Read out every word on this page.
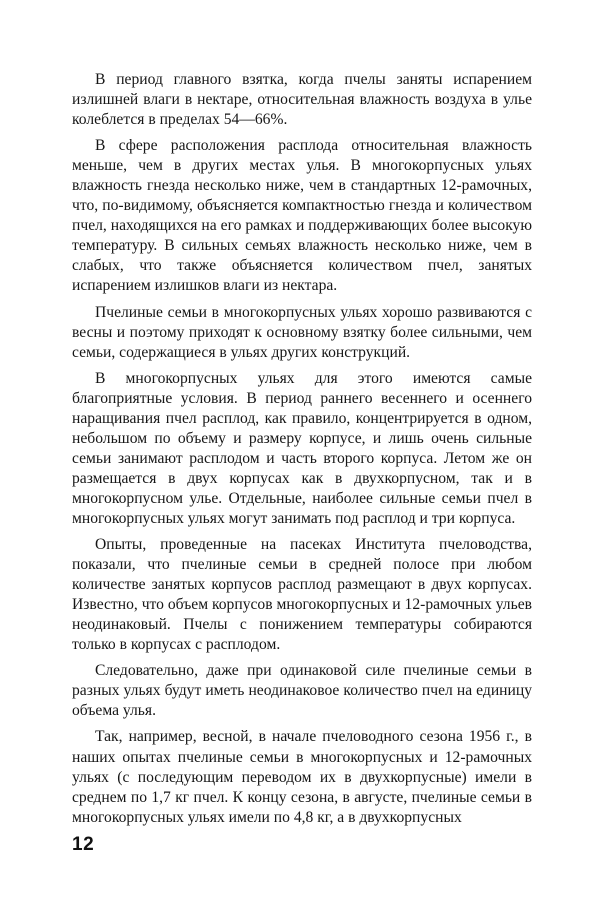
В период главного взятка, когда пчелы заняты испарением излишней влаги в нектаре, относительная влажность воздуха в улье колеблется в пределах 54—66%.

В сфере расположения расплода относительная влажность меньше, чем в других местах улья. В многокорпусных ульях влажность гнезда несколько ниже, чем в стандартных 12-рамочных, что, по-видимому, объясняется компактностью гнезда и количеством пчел, находящихся на его рамках и поддерживающих более высокую температуру. В сильных семьях влажность несколько ниже, чем в слабых, что также объясняется количеством пчел, занятых испарением излишков влаги из нектара.

Пчелиные семьи в многокорпусных ульях хорошо развиваются с весны и поэтому приходят к основному взятку более сильными, чем семьи, содержащиеся в ульях других конструкций.

В многокорпусных ульях для этого имеются самые благоприятные условия. В период раннего весеннего и осеннего наращивания пчел расплод, как правило, концентрируется в одном, небольшом по объему и размеру корпусе, и лишь очень сильные семьи занимают расплодом и часть второго корпуса. Летом же он размещается в двух корпусах как в двухкорпусном, так и в многокорпусном улье. Отдельные, наиболее сильные семьи пчел в многокорпусных ульях могут занимать под расплод и три корпуса.

Опыты, проведенные на пасеках Института пчеловодства, показали, что пчелиные семьи в средней полосе при любом количестве занятых корпусов расплод размещают в двух корпусах. Известно, что объем корпусов многокорпусных и 12-рамочных ульев неодинаковый. Пчелы с понижением температуры собираются только в корпусах с расплодом.

Следовательно, даже при одинаковой силе пчелиные семьи в разных ульях будут иметь неодинаковое количество пчел на единицу объема улья.

Так, например, весной, в начале пчеловодного сезона 1956 г., в наших опытах пчелиные семьи в многокорпусных и 12-рамочных ульях (с последующим переводом их в двухкорпусные) имели в среднем по 1,7 кг пчел. К концу сезона, в августе, пчелиные семьи в многокорпусных ульях имели по 4,8 кг, а в двухкорпусных

12
